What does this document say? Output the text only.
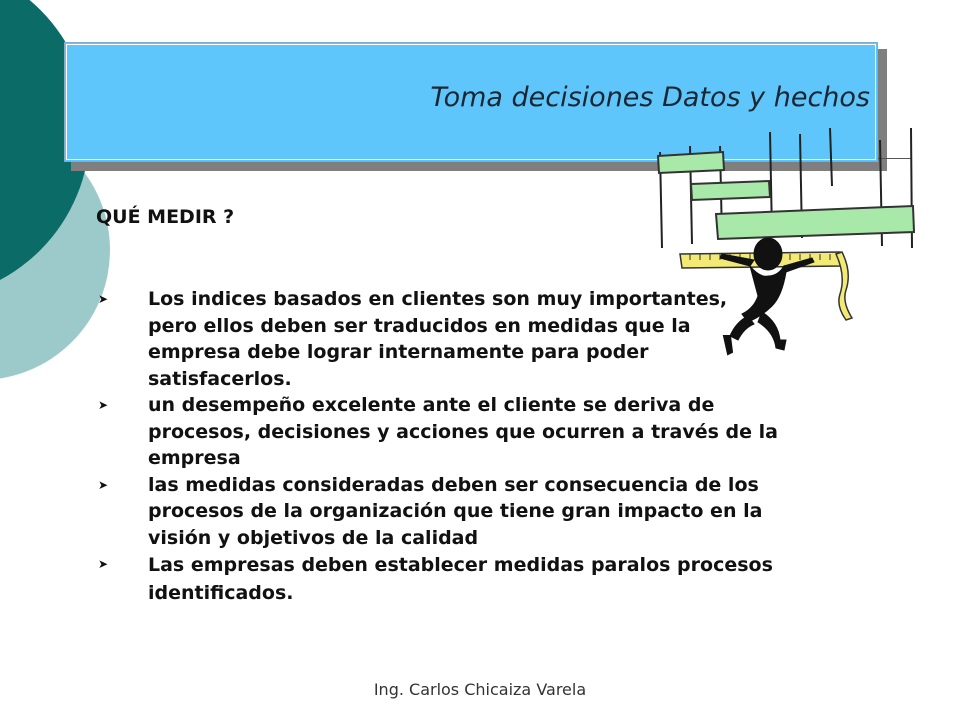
Toma decisiones Datos y hechos
QUÉ MEDIR ?
➤ Los indices basados en clientes son muy importantes, pero ellos deben ser traducidos en medidas que la empresa debe lograr internamente para poder satisfacerlos.
➤ un desempeño excelente ante el cliente se deriva de procesos, decisiones y acciones que ocurren a través de la empresa
➤ las medidas consideradas deben ser consecuencia de los procesos de la organización que tiene gran impacto en la visión y objetivos de la calidad
➤ Las empresas deben establecer medidas paralos procesos identificados.
Ing. Carlos Chicaiza Varela
